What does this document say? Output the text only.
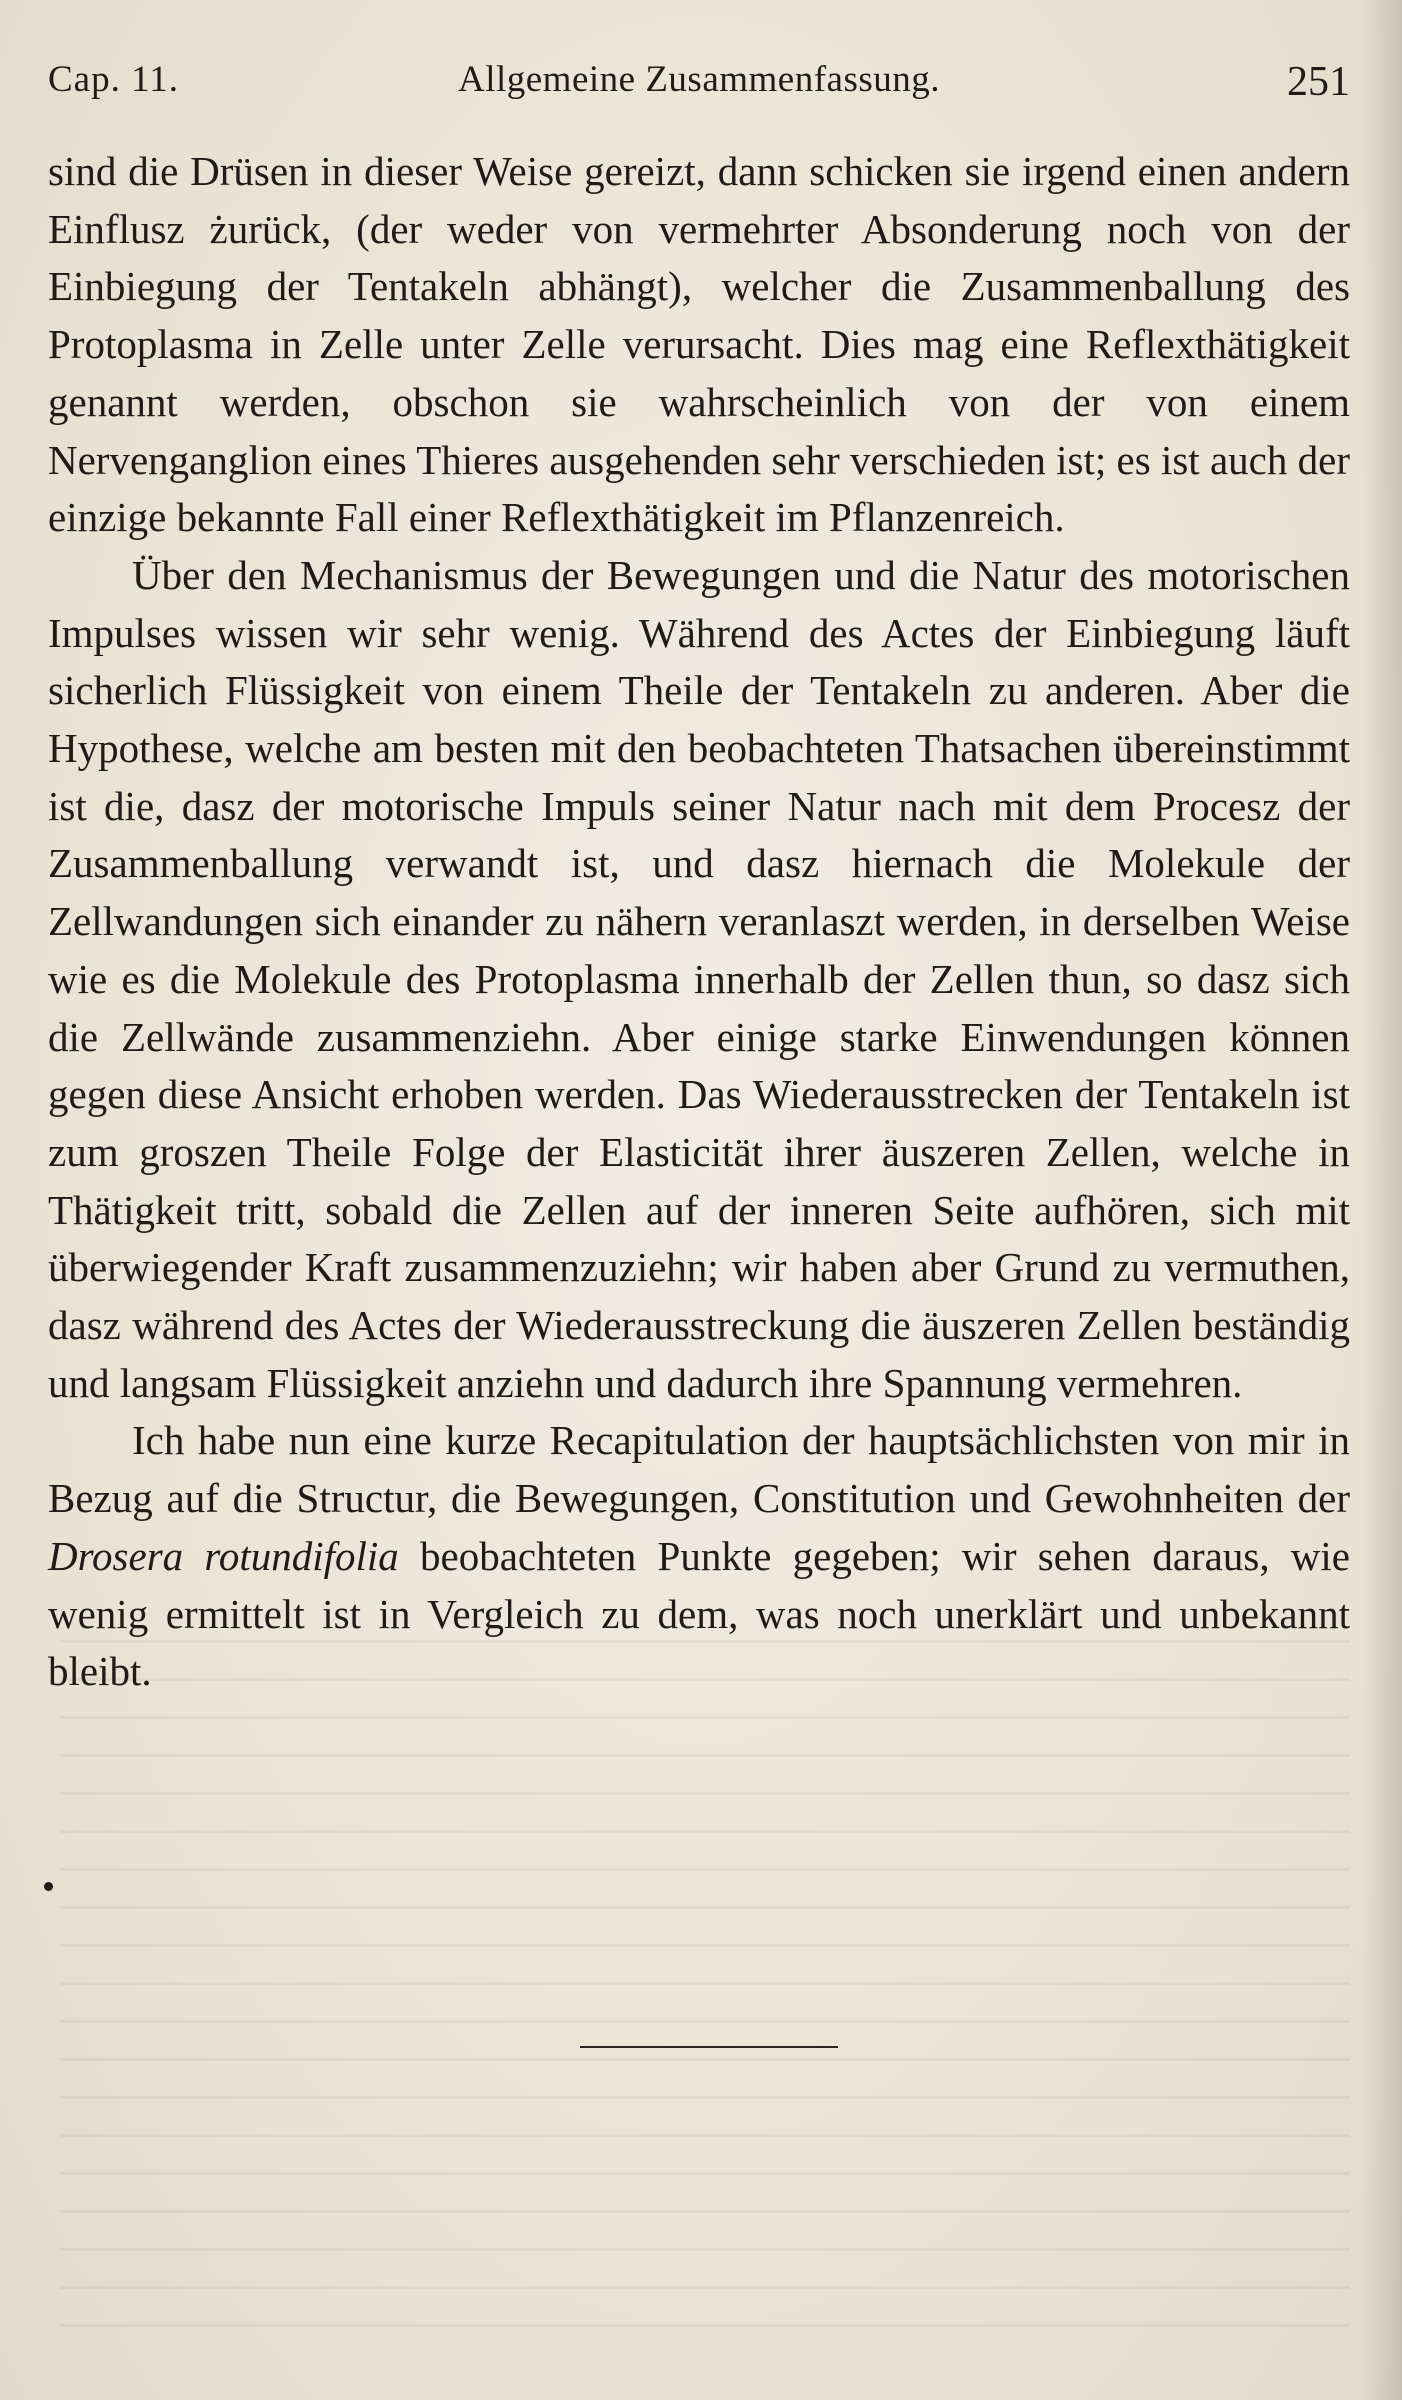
Cap. 11.	Allgemeine Zusammenfassung.	251

sind die Drüsen in dieser Weise gereizt, dann schicken sie irgend einen andern Einflusz żurück, (der weder von vermehrter Absonderung noch von der Einbiegung der Tentakeln abhängt), welcher die Zusammenballung des Protoplasma in Zelle unter Zelle verursacht. Dies mag eine Reflexthätigkeit genannt werden, obschon sie wahrscheinlich von der von einem Nervenganglion eines Thieres ausgehenden sehr verschieden ist; es ist auch der einzige bekannte Fall einer Reflexthätigkeit im Pflanzenreich.

Über den Mechanismus der Bewegungen und die Natur des motorischen Impulses wissen wir sehr wenig. Während des Actes der Einbiegung läuft sicherlich Flüssigkeit von einem Theile der Tentakeln zu anderen. Aber die Hypothese, welche am besten mit den beobachteten Thatsachen übereinstimmt ist die, dasz der motorische Impuls seiner Natur nach mit dem Procesz der Zusammenballung verwandt ist, und dasz hiernach die Molekule der Zellwandungen sich einander zu nähern veranlaszt werden, in derselben Weise wie es die Molekule des Protoplasma innerhalb der Zellen thun, so dasz sich die Zellwände zusammenziehn. Aber einige starke Einwendungen können gegen diese Ansicht erhoben werden. Das Wiederausstrecken der Tentakeln ist zum groszen Theile Folge der Elasticität ihrer äuszeren Zellen, welche in Thätigkeit tritt, sobald die Zellen auf der inneren Seite aufhören, sich mit überwiegender Kraft zusammenzuziehn; wir haben aber Grund zu vermuthen, dasz während des Actes der Wiederausstreckung die äuszeren Zellen beständig und langsam Flüssigkeit anziehn und dadurch ihre Spannung vermehren.

Ich habe nun eine kurze Recapitulation der hauptsächlichsten von mir in Bezug auf die Structur, die Bewegungen, Constitution und Gewohnheiten der Drosera rotundifolia beobachteten Punkte gegeben; wir sehen daraus, wie wenig ermittelt ist in Vergleich zu dem, was noch unerklärt und unbekannt bleibt.
